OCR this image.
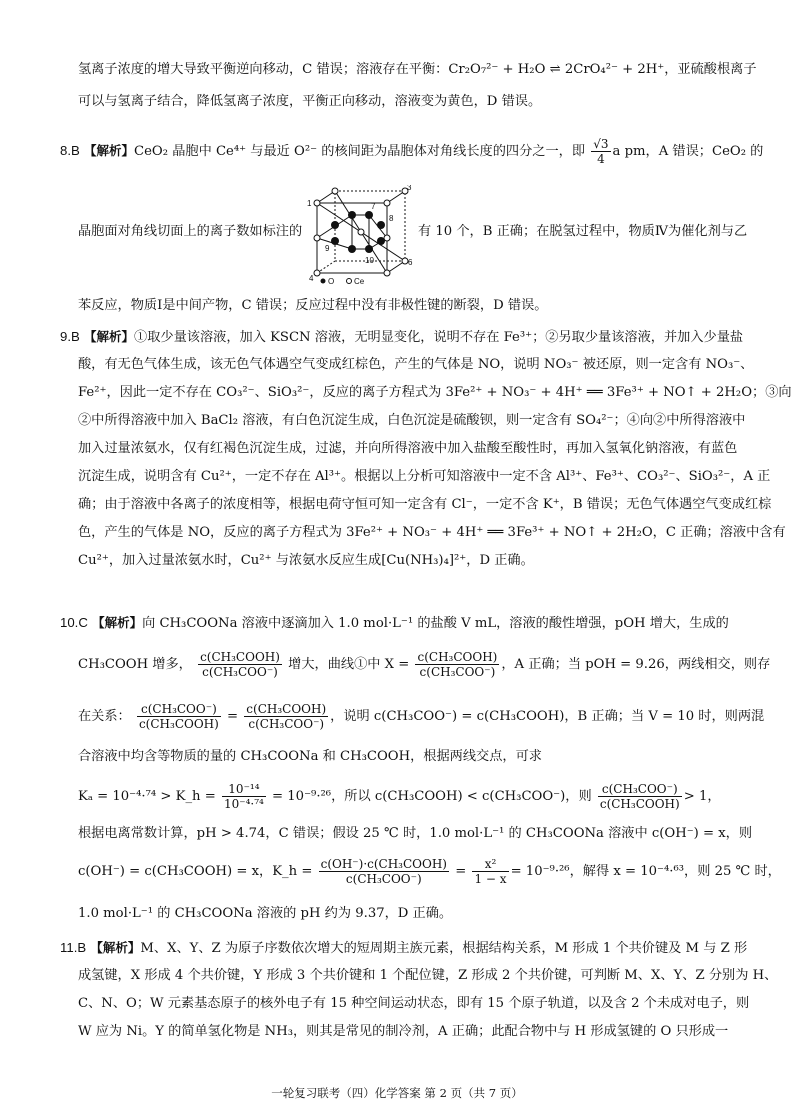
氢离子浓度的增大导致平衡逆向移动，C 错误；溶液存在平衡：Cr₂O₇²⁻ + H₂O ⇌ 2CrO₄²⁻ + 2H⁺，亚硫酸根离子
可以与氢离子结合，降低氢离子浓度，平衡正向移动，溶液变为黄色，D 错误。
8.B 【解析】CeO₂ 晶胞中 Ce⁴⁺ 与最近 O²⁻ 的核间距为晶胞体对角线长度的四分之一，即 $\frac{√3}{4}$ a pm，A 错误；CeO₂ 的
1
3
4
6
7
8
9
10
O Ce
晶胞面对角线切面上的离子数如标注的	有 10 个，B 正确；在脱氢过程中，物质Ⅳ为催化剂与乙
苯反应，物质Ⅰ是中间产物，C 错误；反应过程中没有非极性键的断裂，D 错误。
9.B 【解析】①取少量该溶液，加入 KSCN 溶液，无明显变化，说明不存在 Fe³⁺；②另取少量该溶液，并加入少量盐
酸，有无色气体生成，该无色气体遇空气变成红棕色，产生的气体是 NO，说明 NO₃⁻ 被还原，则一定含有 NO₃⁻、
Fe²⁺，因此一定不存在 CO₃²⁻、SiO₃²⁻，反应的离子方程式为 3Fe²⁺ + NO₃⁻ + 4H⁺ ══ 3Fe³⁺ + NO↑ + 2H₂O；③向
②中所得溶液中加入 BaCl₂ 溶液，有白色沉淀生成，白色沉淀是硫酸钡，则一定含有 SO₄²⁻；④向②中所得溶液中
加入过量浓氨水，仅有红褐色沉淀生成，过滤，并向所得溶液中加入盐酸至酸性时，再加入氢氧化钠溶液，有蓝色
沉淀生成，说明含有 Cu²⁺，一定不存在 Al³⁺。根据以上分析可知溶液中一定不含 Al³⁺、Fe³⁺、CO₃²⁻、SiO₃²⁻，A 正
确；由于溶液中各离子的浓度相等，根据电荷守恒可知一定含有 Cl⁻，一定不含 K⁺，B 错误；无色气体遇空气变成红棕
色，产生的气体是 NO，反应的离子方程式为 3Fe²⁺ + NO₃⁻ + 4H⁺ ══ 3Fe³⁺ + NO↑ + 2H₂O，C 正确；溶液中含有
Cu²⁺，加入过量浓氨水时，Cu²⁺ 与浓氨水反应生成[Cu(NH₃)₄]²⁺，D 正确。
10.C 【解析】向 CH₃COONa 溶液中逐滴加入 1.0 mol·L⁻¹ 的盐酸 V mL，溶液的酸性增强，pOH 增大，生成的
CH₃COOH 增多， $\frac{\text{c(CH₃COOH)}}{\text{c(CH₃COO⁻)}}$ 增大，曲线①中 $X = \frac{\text{c(CH₃COOH)}}{\text{c(CH₃COO⁻)}}$ ，A 正确；当 pOH = 9.26，两线相交，则存
在关系： $\frac{\text{c(CH₃COO⁻)}}{\text{c(CH₃COOH)}} = \frac{\text{c(CH₃COOH)}}{\text{c(CH₃COO⁻)}}$ ，说明 c(CH₃COO⁻) = c(CH₃COOH)，B 正确；当 V = 10 时，则两混
合溶液中均含等物质的量的 CH₃COONa 和 CH₃COOH，根据两线交点，可求
Kₐ = 10⁻⁴·⁷⁴ > K_h = $\frac{\text{10⁻¹⁴}}{\text{10⁻⁴·⁷⁴}} = 10^{-9}\cdot^{26}$，所以 c(CH₃COOH) < c(CH₃COO⁻)，则 $\frac{\text{c(CH₃COO⁻)}}{\text{c(CH₃COOH)}} > 1$，
根据电离常数计算，pH > 4.74，C 错误；假设 25 ℃ 时，1.0 mol·L⁻¹ 的 CH₃COONa 溶液中 c(OH⁻) = x，则
c(OH⁻) = c(CH₃COOH) = x，K_h = $\frac{\text{c(OH⁻)·c(CH₃COOH)}}{\text{c(CH₃COO⁻)}} = \frac{\text{x²}}{1 - x} = 10^{-9}\cdot^{26}$，解得 x = 10⁻⁴·⁶³，则 25 ℃ 时，
1.0 mol·L⁻¹ 的 CH₃COONa 溶液的 pH 约为 9.37，D 正确。
11.B 【解析】M、X、Y、Z 为原子序数依次增大的短周期主族元素，根据结构关系，M 形成 1 个共价键及 M 与 Z 形
成氢键，X 形成 4 个共价键，Y 形成 3 个共价键和 1 个配位键，Z 形成 2 个共价键，可判断 M、X、Y、Z 分别为 H、
C、N、O；W 元素基态原子的核外电子有 15 种空间运动状态，即有 15 个原子轨道，以及含 2 个未成对电子，则
W 应为 Ni。Y 的简单氢化物是 NH₃，则其是常见的制冷剂，A 正确；此配合物中与 H 形成氢键的 O 只形成一
一轮复习联考（四）化学答案 第 2 页（共 7 页）
